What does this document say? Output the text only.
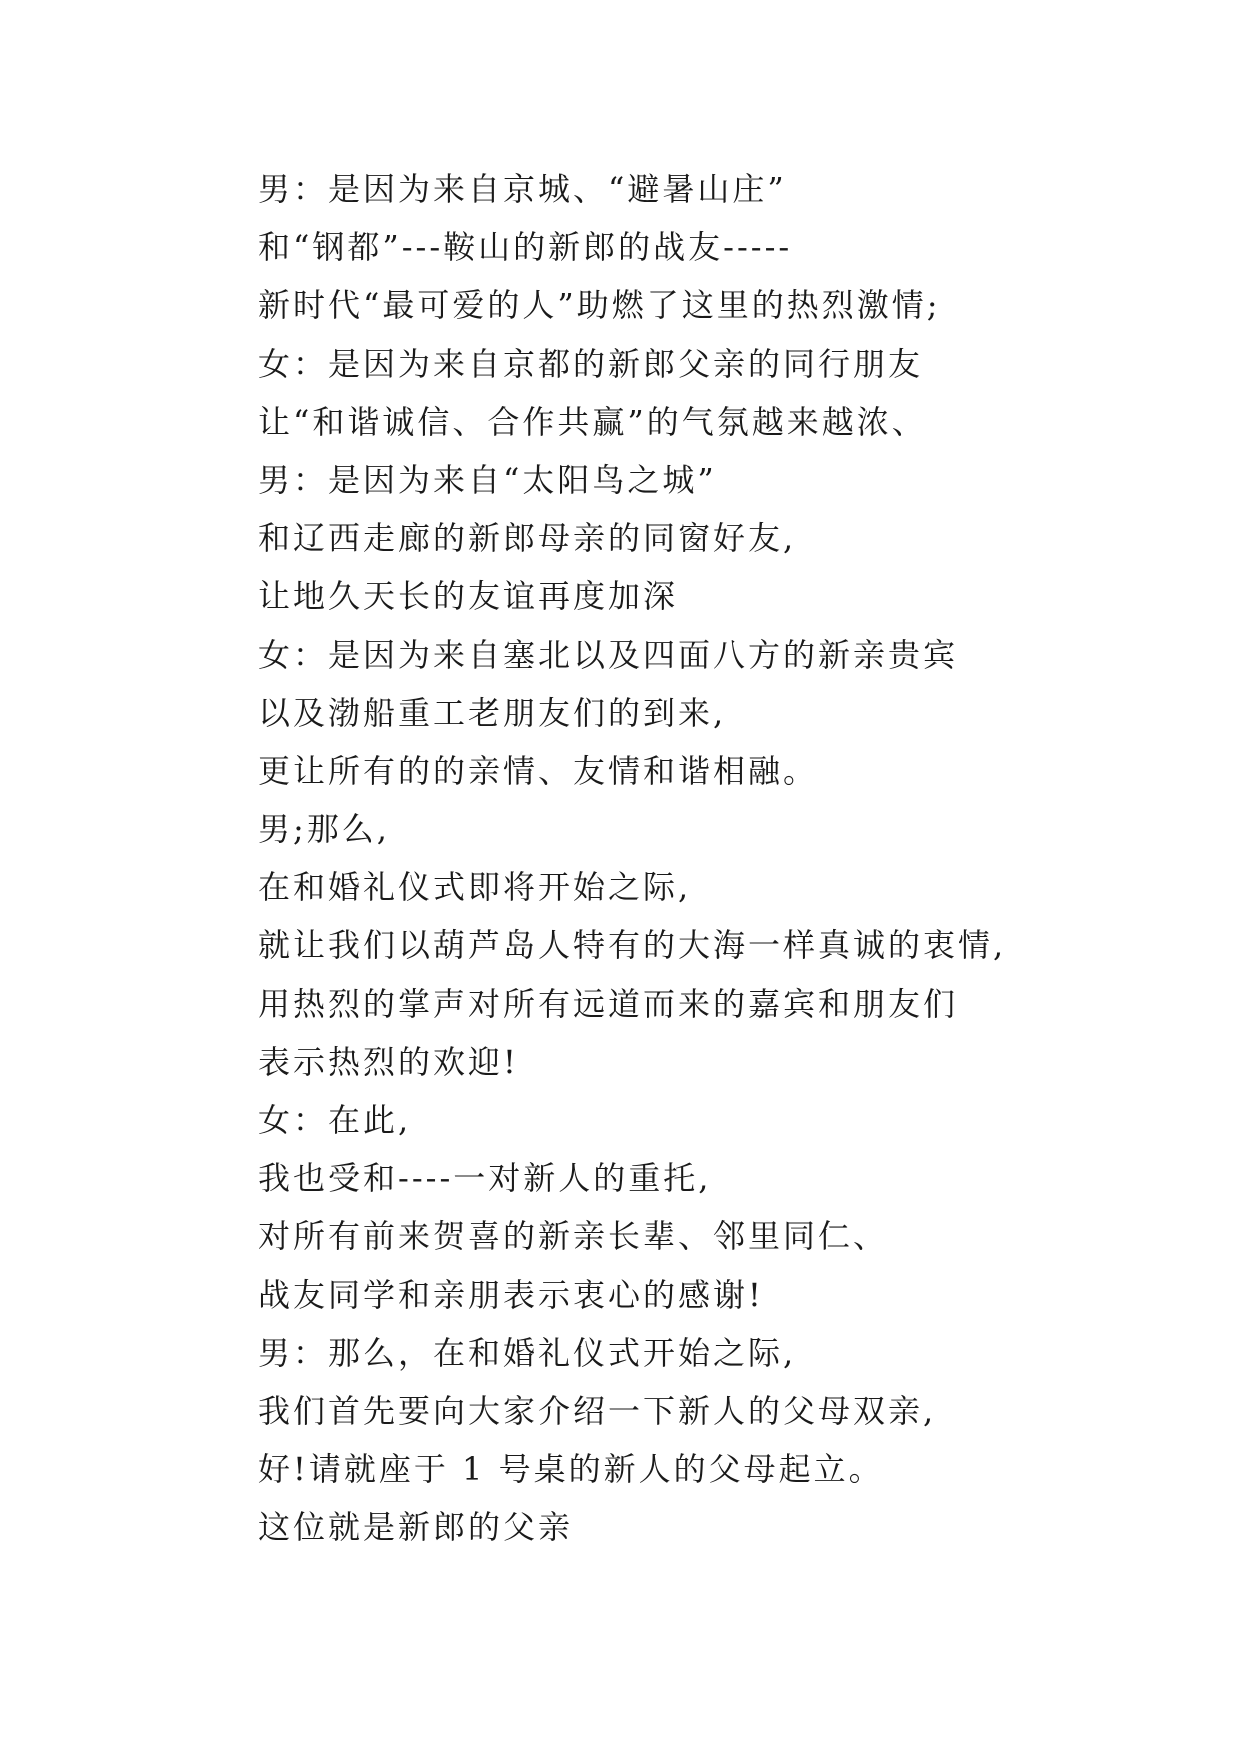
男：是因为来自京城、“避暑山庄”
和“钢都”---鞍山的新郎的战友-----
新时代“最可爱的人”助燃了这里的热烈激情;
女：是因为来自京都的新郎父亲的同行朋友
让“和谐诚信、合作共赢”的气氛越来越浓、
男：是因为来自“太阳鸟之城”
和辽西走廊的新郎母亲的同窗好友,
让地久天长的友谊再度加深
女：是因为来自塞北以及四面八方的新亲贵宾
以及渤船重工老朋友们的到来,
更让所有的的亲情、友情和谐相融。
男;那么,
在和婚礼仪式即将开始之际,
就让我们以葫芦岛人特有的大海一样真诚的衷情,
用热烈的掌声对所有远道而来的嘉宾和朋友们
表示热烈的欢迎!
女：在此,
我也受和----一对新人的重托,
对所有前来贺喜的新亲长辈、邻里同仁、
战友同学和亲朋表示衷心的感谢!
男：那么，在和婚礼仪式开始之际,
我们首先要向大家介绍一下新人的父母双亲,
好!请就座于 1 号桌的新人的父母起立。
这位就是新郎的父亲
